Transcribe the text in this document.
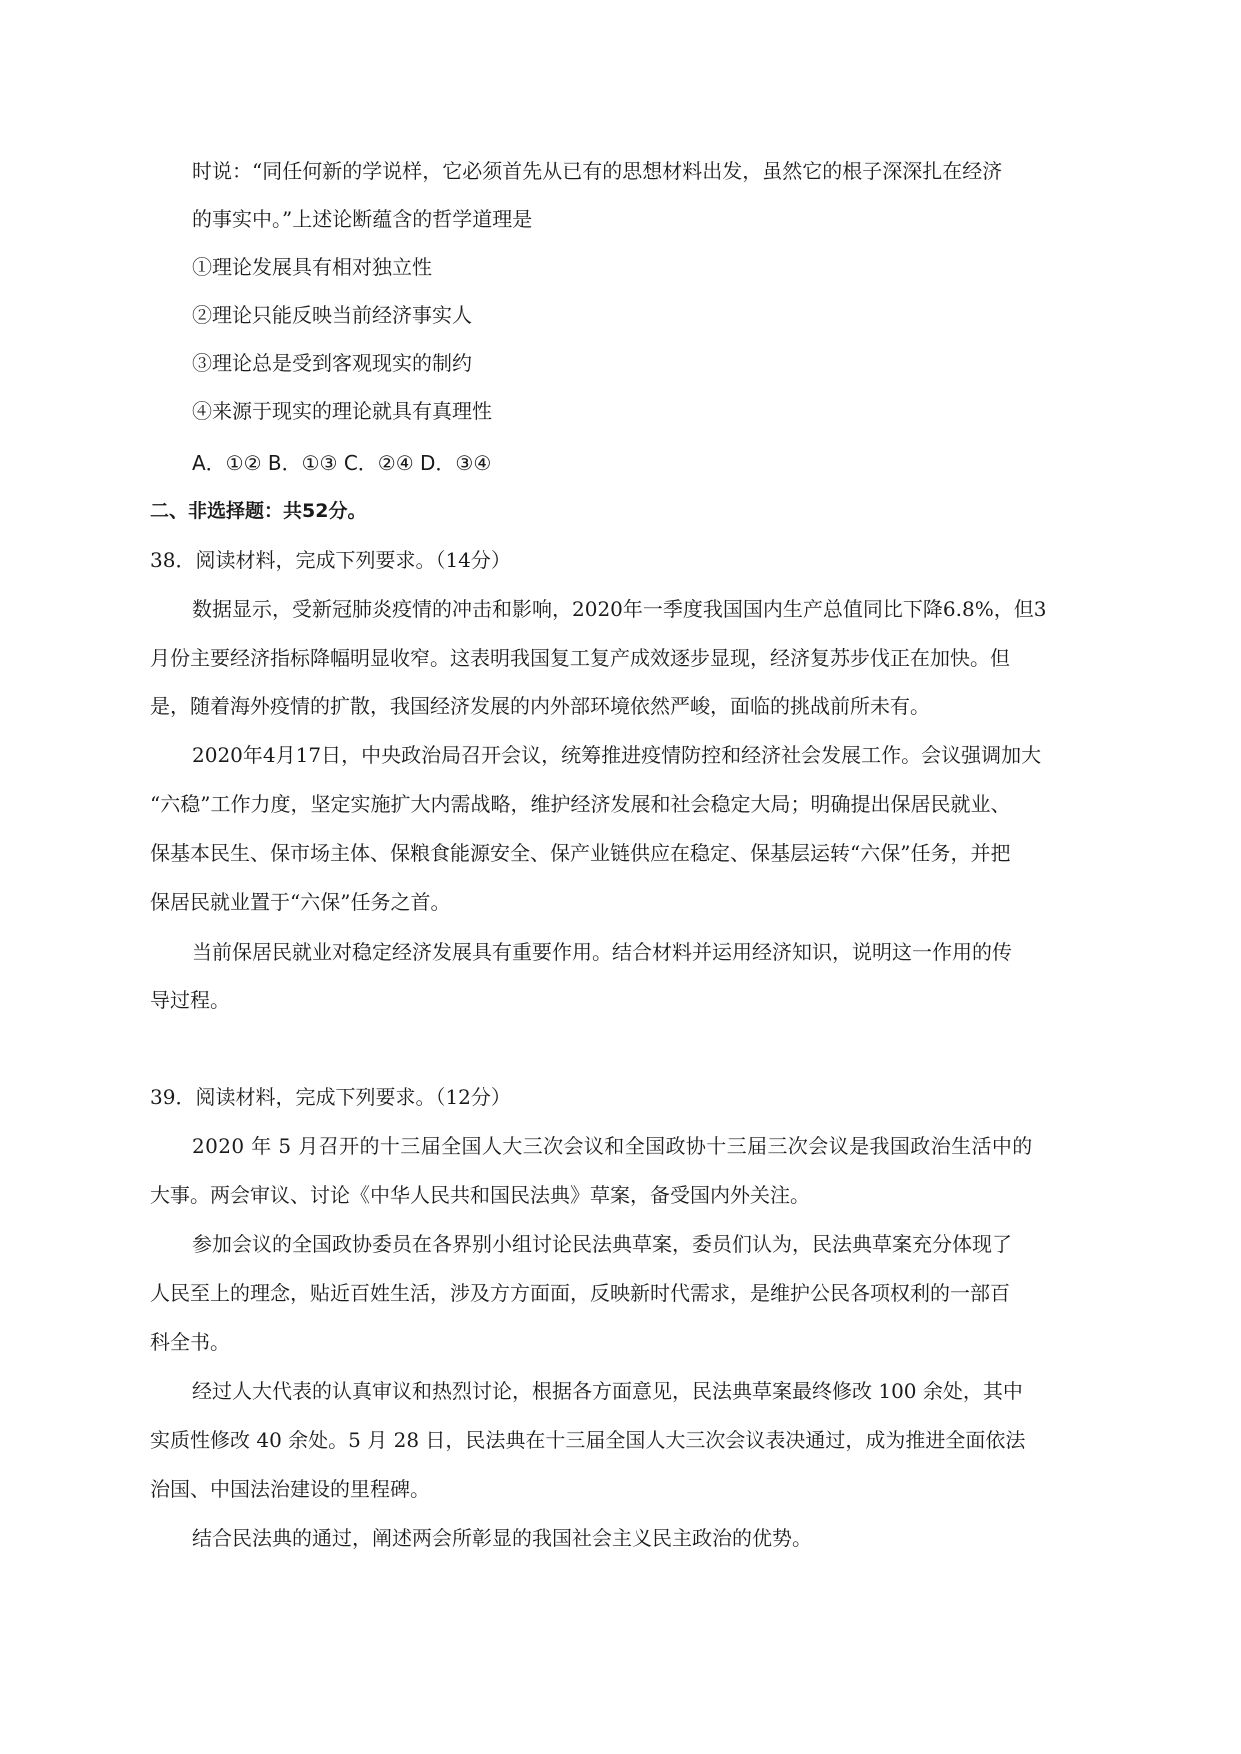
时说：“同任何新的学说样，它必须首先从已有的思想材料出发，虽然它的根子深深扎在经济
的事实中。”上述论断蕴含的哲学道理是
①理论发展具有相对独立性
②理论只能反映当前经济事实人
③理论总是受到客观现实的制约
④来源于现实的理论就具有真理性
A．①② B．①③ C．②④ D．③④
二、非选择题：共52分。
38．阅读材料，完成下列要求。（14分）
数据显示，受新冠肺炎疫情的冲击和影响，2020年一季度我国国内生产总值同比下降6.8%，但3
月份主要经济指标降幅明显收窄。这表明我国复工复产成效逐步显现，经济复苏步伐正在加快。但
是，随着海外疫情的扩散，我国经济发展的内外部环境依然严峻，面临的挑战前所未有。
2020年4月17日，中央政治局召开会议，统筹推进疫情防控和经济社会发展工作。会议强调加大
“六稳”工作力度，坚定实施扩大内需战略，维护经济发展和社会稳定大局；明确提出保居民就业、
保基本民生、保市场主体、保粮食能源安全、保产业链供应在稳定、保基层运转“六保”任务，并把
保居民就业置于“六保”任务之首。
当前保居民就业对稳定经济发展具有重要作用。结合材料并运用经济知识，说明这一作用的传
导过程。
39．阅读材料，完成下列要求。（12分）
2020 年 5 月召开的十三届全国人大三次会议和全国政协十三届三次会议是我国政治生活中的
大事。两会审议、讨论《中华人民共和国民法典》草案，备受国内外关注。
参加会议的全国政协委员在各界别小组讨论民法典草案，委员们认为，民法典草案充分体现了
人民至上的理念，贴近百姓生活，涉及方方面面，反映新时代需求，是维护公民各项权利的一部百
科全书。
经过人大代表的认真审议和热烈讨论，根据各方面意见，民法典草案最终修改 100 余处，其中
实质性修改 40 余处。5 月 28 日，民法典在十三届全国人大三次会议表决通过，成为推进全面依法
治国、中国法治建设的里程碑。
结合民法典的通过，阐述两会所彰显的我国社会主义民主政治的优势。
